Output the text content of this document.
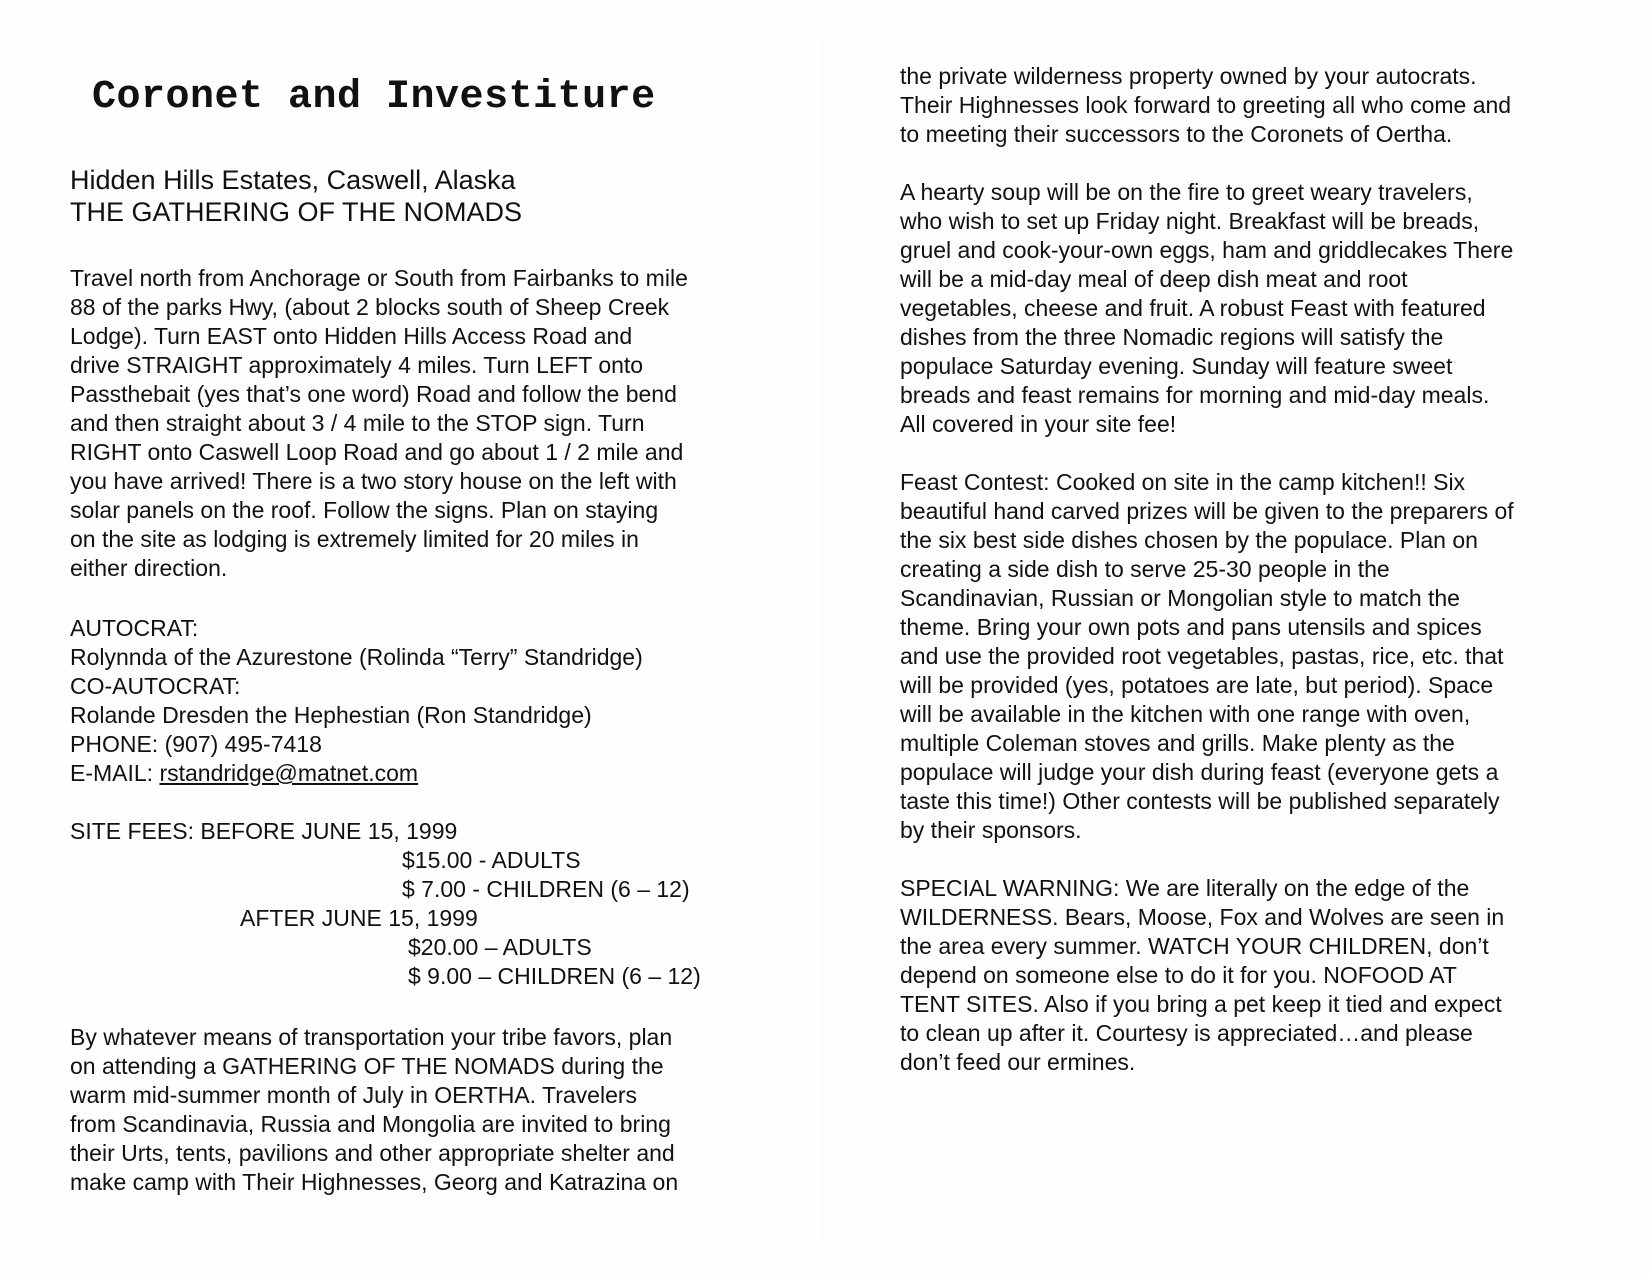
Coronet and Investiture
Hidden Hills Estates, Caswell, Alaska
THE GATHERING OF THE NOMADS

Travel north from Anchorage or South from Fairbanks to mile
88 of the parks Hwy, (about 2 blocks south of Sheep Creek
Lodge). Turn EAST onto Hidden Hills Access Road and
drive STRAIGHT approximately 4 miles. Turn LEFT onto
Passthebait (yes that’s one word) Road and follow the bend
and then straight about 3 / 4 mile to the STOP sign. Turn
RIGHT onto Caswell Loop Road and go about 1 / 2 mile and
you have arrived! There is a two story house on the left with
solar panels on the roof. Follow the signs. Plan on staying
on the site as lodging is extremely limited for 20 miles in
either direction.

AUTOCRAT:
Rolynnda of the Azurestone (Rolinda “Terry” Standridge)
CO-AUTOCRAT:
Rolande Dresden the Hephestian (Ron Standridge)
PHONE: (907) 495-7418
E-MAIL: rstandridge@matnet.com
SITE FEES: BEFORE JUNE 15, 1999
$15.00 - ADULTS
$ 7.00 - CHILDREN (6 – 12)
AFTER JUNE 15, 1999
$20.00 – ADULTS
$ 9.00 – CHILDREN (6 – 12)

By whatever means of transportation your tribe favors, plan
on attending a GATHERING OF THE NOMADS during the
warm mid-summer month of July in OERTHA. Travelers
from Scandinavia, Russia and Mongolia are invited to bring
their Urts, tents, pavilions and other appropriate shelter and
make camp with Their Highnesses, Georg and Katrazina on

the private wilderness property owned by your autocrats.
Their Highnesses look forward to greeting all who come and
to meeting their successors to the Coronets of Oertha.

A hearty soup will be on the fire to greet weary travelers,
who wish to set up Friday night. Breakfast will be breads,
gruel and cook-your-own eggs, ham and griddlecakes There
will be a mid-day meal of deep dish meat and root
vegetables, cheese and fruit. A robust Feast with featured
dishes from the three Nomadic regions will satisfy the
populace Saturday evening. Sunday will feature sweet
breads and feast remains for morning and mid-day meals.
All covered in your site fee!

Feast Contest: Cooked on site in the camp kitchen!! Six
beautiful hand carved prizes will be given to the preparers of
the six best side dishes chosen by the populace. Plan on
creating a side dish to serve 25-30 people in the
Scandinavian, Russian or Mongolian style to match the
theme. Bring your own pots and pans utensils and spices
and use the provided root vegetables, pastas, rice, etc. that
will be provided (yes, potatoes are late, but period). Space
will be available in the kitchen with one range with oven,
multiple Coleman stoves and grills. Make plenty as the
populace will judge your dish during feast (everyone gets a
taste this time!) Other contests will be published separately
by their sponsors.

SPECIAL WARNING: We are literally on the edge of the
WILDERNESS. Bears, Moose, Fox and Wolves are seen in
the area every summer. WATCH YOUR CHILDREN, don’t
depend on someone else to do it for you. NOFOOD AT
TENT SITES. Also if you bring a pet keep it tied and expect
to clean up after it. Courtesy is appreciated…and please
don’t feed our ermines.
